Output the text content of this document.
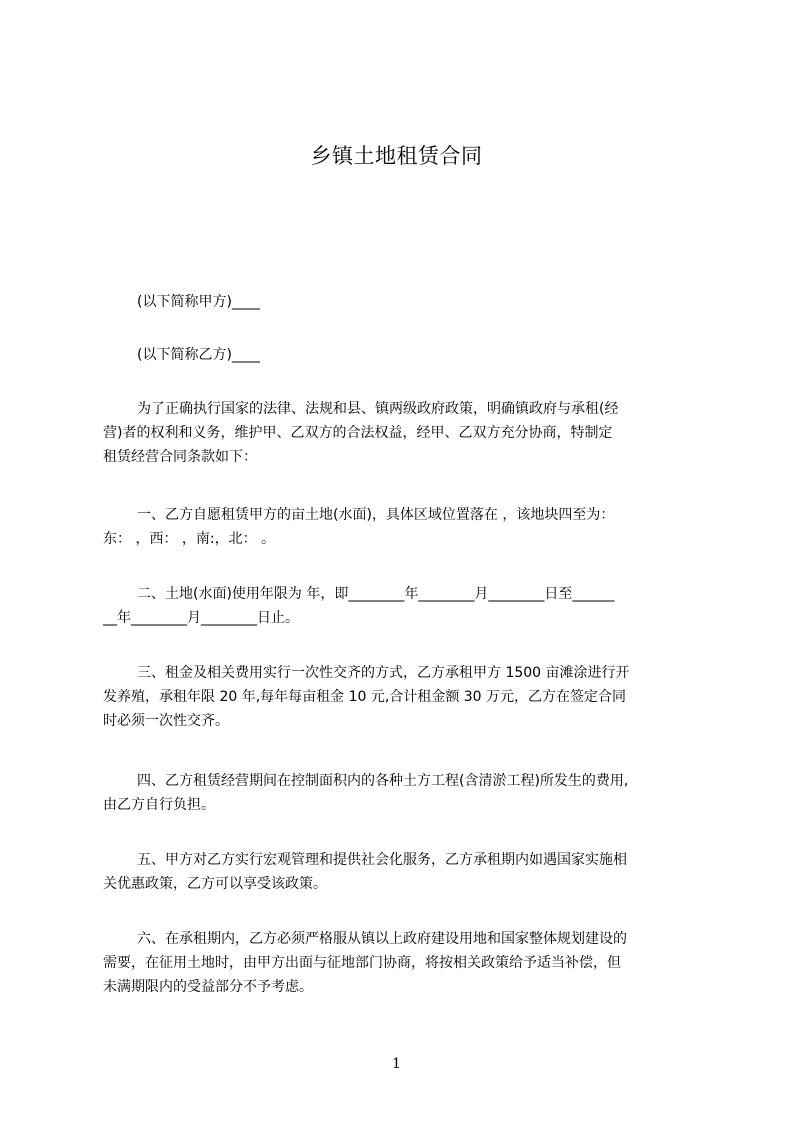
乡镇土地租赁合同
(以下简称甲方)____
(以下简称乙方)____
为了正确执行国家的法律、法规和县、镇两级政府政策，明确镇政府与承租(经
营)者的权利和义务，维护甲、乙双方的合法权益，经甲、乙双方充分协商，特制定
租赁经营合同条款如下：
一、乙方自愿租赁甲方的亩土地(水面)，具体区域位置落在 ，该地块四至为：
东： ，西： ，南:，北： 。
二、土地(水面)使用年限为 年，即________年________月________日至______
__年________月________日止。
三、租金及相关费用实行一次性交齐的方式，乙方承租甲方 1500 亩滩涂进行开
发养殖，承租年限 20 年,每年每亩租金 10 元,合计租金额 30 万元，乙方在签定合同
时必须一次性交齐。
四、乙方租赁经营期间在控制面积内的各种土方工程(含清淤工程)所发生的费用,
由乙方自行负担。
五、甲方对乙方实行宏观管理和提供社会化服务，乙方承租期内如遇国家实施相
关优惠政策，乙方可以享受该政策。
六、在承租期内，乙方必须严格服从镇以上政府建设用地和国家整体规划建设的
需要，在征用土地时，由甲方出面与征地部门协商，将按相关政策给予适当补偿，但
未满期限内的受益部分不予考虑。
1
